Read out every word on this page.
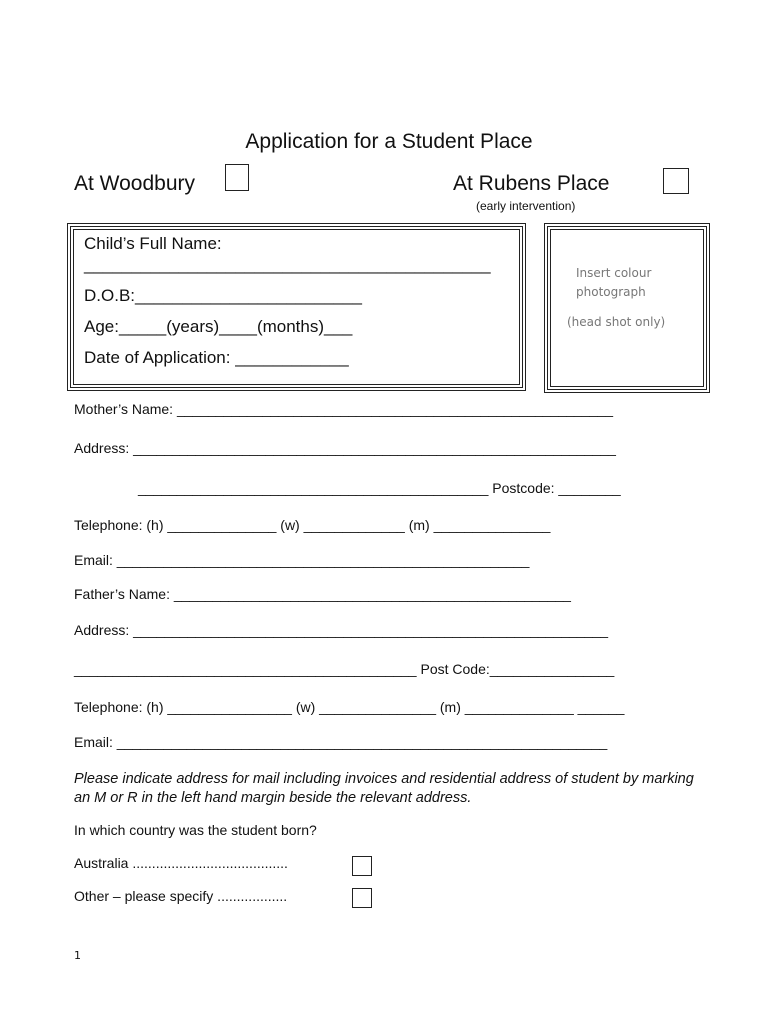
Application for a Student Place
At Woodbury	At Rubens Place
(early intervention)
Child’s Full Name:
___________________________________________
D.O.B:________________________
Age:_____(years)____(months)___
Date of Application: ____________
Insert colour
photograph
(head shot only)
Mother’s Name: ________________________________________________________
Address: ______________________________________________________________
_____________________________________________ Postcode: ________
Telephone: (h) ______________ (w) _____________ (m) _______________
Email: _____________________________________________________
Father’s Name: ___________________________________________________
Address: _____________________________________________________________
____________________________________________ Post Code:________________
Telephone: (h) ________________ (w) _______________ (m) ______________ ______
Email: _______________________________________________________________
Please indicate address for mail including invoices and residential address of student by marking an M or R in the left hand margin beside the relevant address.
In which country was the student born?
Australia ........................................
Other – please specify ..................
1
